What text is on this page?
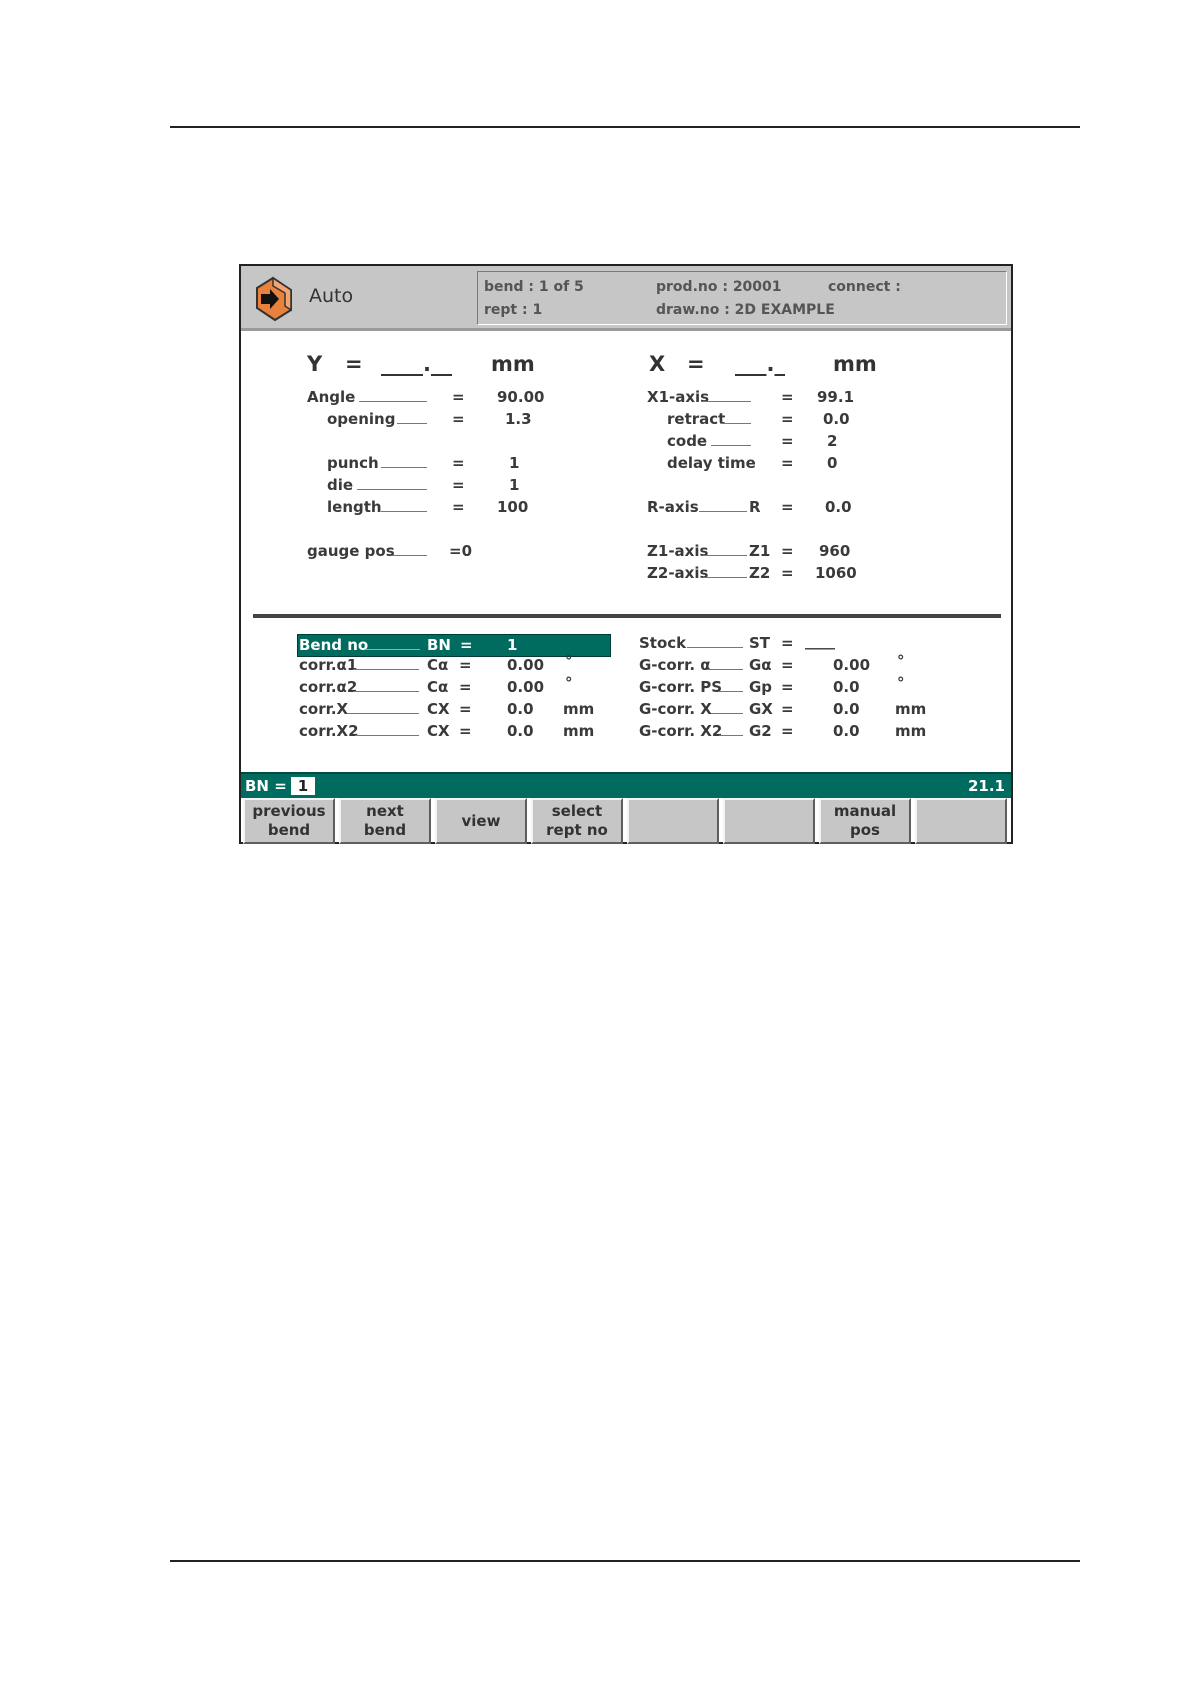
Auto	bend : 1 of 5
rept : 1
prod.no : 20001
draw.no : 2D EXAMPLE
connect :
Y = ____.__ mm	X = ___._ mm
Angle	= 90.00
opening	=	1.3
punch	=	1
die	=	1
length	= 100
gauge pos	=0
X1-axis	= 99.1
retract	= 0.0
code	= 2
delay time = 0
R-axis	R = 0.0
Z1-axis	Z1 = 960
Z2-axis	Z2 = 1060
Bend no	BN = 1
corr.α1	Cα = 0.00 °
corr.α2	Cα = 0.00 °
corr.X	CX = 0.0 mm
corr.X2	CX = 0.0 mm
Stock	ST = ____
G-corr. α	Gα =	0.00 °
G-corr. PS Gp =	0.0 °
G-corr. X GX =	0.0 mm
G-corr. X2 G2 =	0.0 mm
BN = 1	21.1
previous
bend
next
bend
view
select
rept no
manual
pos
